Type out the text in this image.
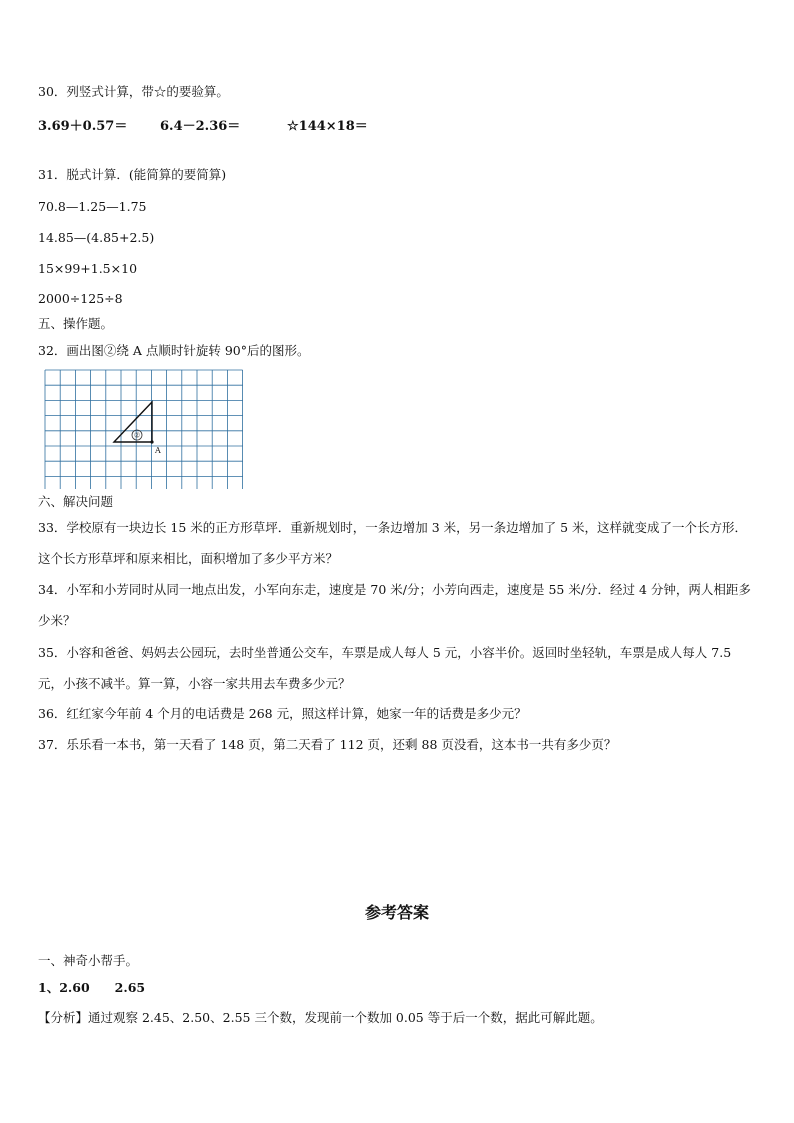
30．列竖式计算，带☆的要验算。
3.69＋0.57＝	6.4－2.36＝	☆144×18＝
31．脱式计算．(能简算的要简算)
70.8—1.25—1.75
14.85—(4.85+2.5)
15×99+1.5×10
2000÷125÷8
五、操作题。
32．画出图②绕 A 点顺时针旋转 90°后的图形。
②
A
六、解决问题
33．学校原有一块边长 15 米的正方形草坪．重新规划时，一条边增加 3 米，另一条边增加了 5 米，这样就变成了一个长方形．这个长方形草坪和原来相比，面积增加了多少平方米？
34．小军和小芳同时从同一地点出发，小军向东走，速度是 70 米/分；小芳向西走，速度是 55 米/分．经过 4 分钟，两人相距多少米？
35．小容和爸爸、妈妈去公园玩，去时坐普通公交车，车票是成人每人 5 元，小容半价。返回时坐轻轨，车票是成人每人 7.5 元，小孩不减半。算一算，小容一家共用去车费多少元？
36．红红家今年前 4 个月的电话费是 268 元，照这样计算，她家一年的话费是多少元？
37．乐乐看一本书，第一天看了 148 页，第二天看了 112 页，还剩 88 页没看，这本书一共有多少页？
参考答案
一、神奇小帮手。
1、2.60　　2.65
【分析】通过观察 2.45、2.50、2.55 三个数，发现前一个数加 0.05 等于后一个数，据此可解此题。
